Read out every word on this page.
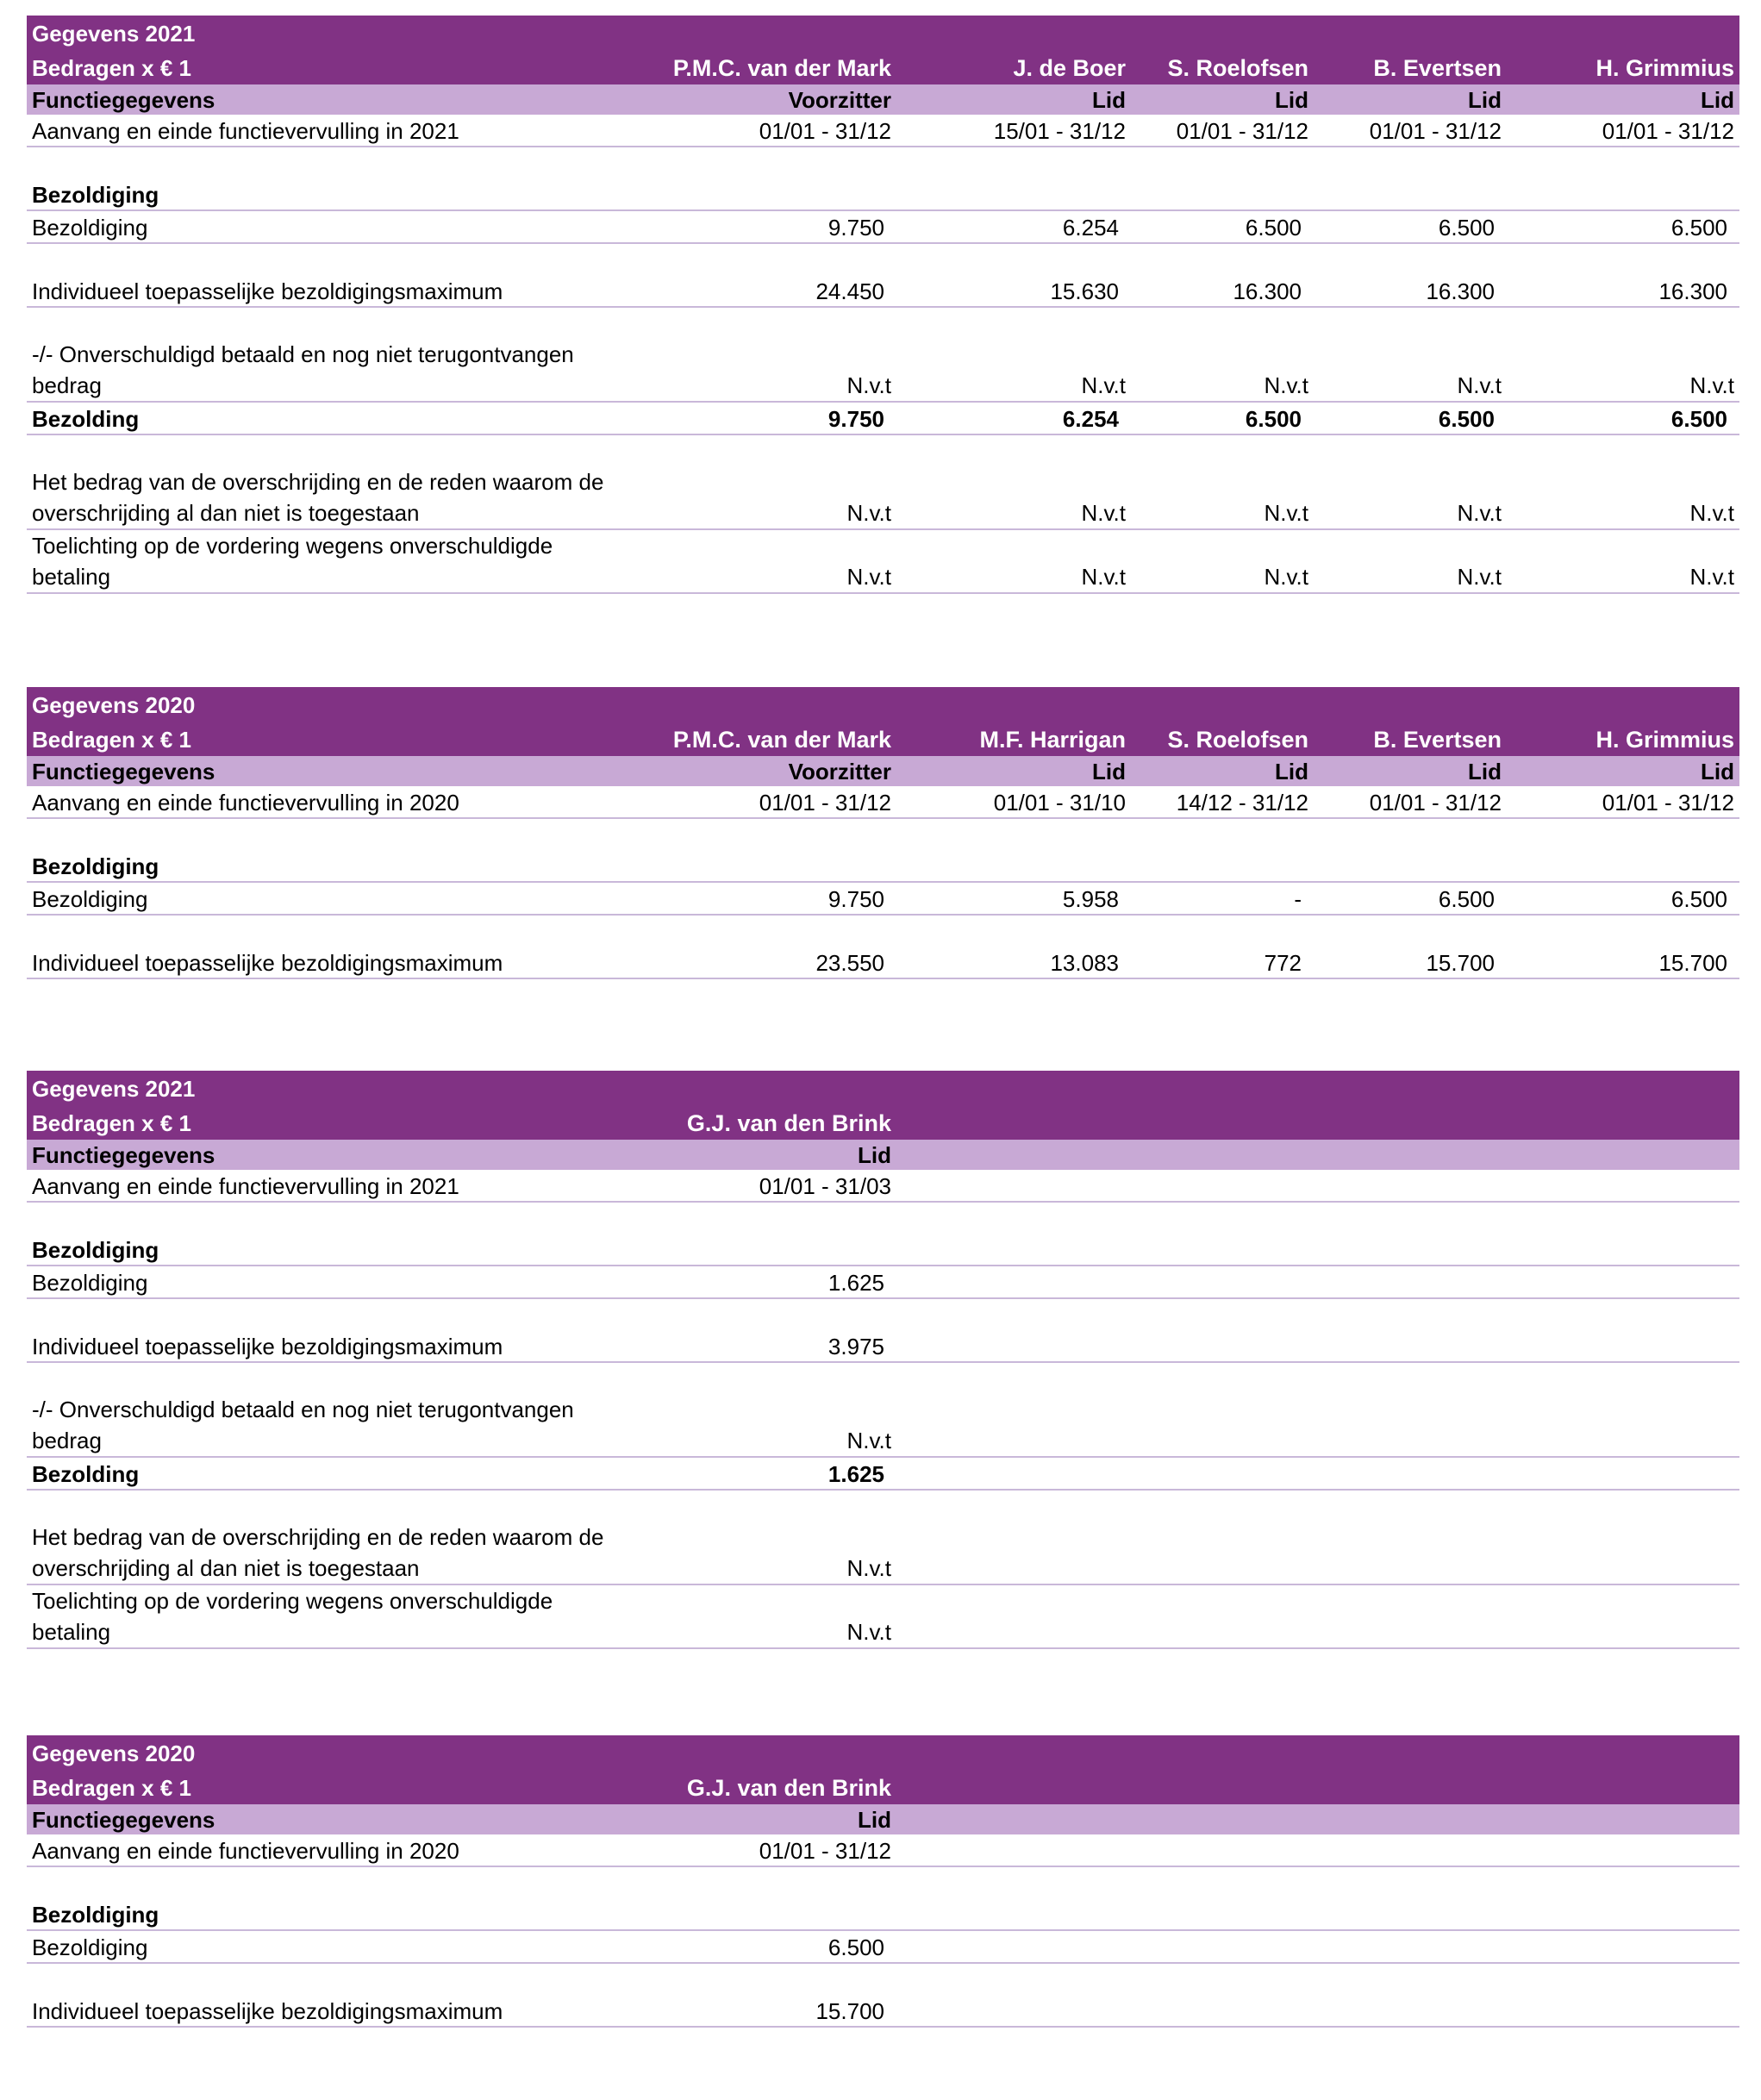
Gegevens 2021					
Bedragen x € 1	P.M.C. van der Mark	J. de Boer	S. Roelofsen	B. Evertsen	H. Grimmius
Functiegegevens	Voorzitter	Lid	Lid	Lid	Lid
Aanvang en einde functievervulling in 2021	01/01 - 31/12	15/01 - 31/12	01/01 - 31/12	01/01 - 31/12	01/01 - 31/12

Bezoldiging					
Bezoldiging	9.750	6.254	6.500	6.500	6.500

Individueel toepasselijke bezoldigingsmaximum	24.450	15.630	16.300	16.300	16.300

-/- Onverschuldigd betaald en nog niet terugontvangen bedrag	N.v.t	N.v.t	N.v.t	N.v.t	N.v.t
Bezolding	9.750	6.254	6.500	6.500	6.500

Het bedrag van de overschrijding en de reden waarom de overschrijding al dan niet is toegestaan	N.v.t	N.v.t	N.v.t	N.v.t	N.v.t
Toelichting op de vordering wegens onverschuldigde betaling	N.v.t	N.v.t	N.v.t	N.v.t	N.v.t
Gegevens 2020					
Bedragen x € 1	P.M.C. van der Mark	M.F. Harrigan	S. Roelofsen	B. Evertsen	H. Grimmius
Functiegegevens	Voorzitter	Lid	Lid	Lid	Lid
Aanvang en einde functievervulling in 2020	01/01 - 31/12	01/01 - 31/10	14/12 - 31/12	01/01 - 31/12	01/01 - 31/12

Bezoldiging					
Bezoldiging	9.750	5.958	-	6.500	6.500

Individueel toepasselijke bezoldigingsmaximum	23.550	13.083	772	15.700	15.700
Gegevens 2021					
Bedragen x € 1	G.J. van den Brink				
Functiegegevens	Lid				
Aanvang en einde functievervulling in 2021	01/01 - 31/03				

Bezoldiging					
Bezoldiging	1.625				

Individueel toepasselijke bezoldigingsmaximum	3.975				

-/- Onverschuldigd betaald en nog niet terugontvangen bedrag	N.v.t				
Bezolding	1.625				

Het bedrag van de overschrijding en de reden waarom de overschrijding al dan niet is toegestaan	N.v.t				
Toelichting op de vordering wegens onverschuldigde betaling	N.v.t				
Gegevens 2020					
Bedragen x € 1	G.J. van den Brink				
Functiegegevens	Lid				
Aanvang en einde functievervulling in 2020	01/01 - 31/12				

Bezoldiging					
Bezoldiging	6.500				

Individueel toepasselijke bezoldigingsmaximum	15.700				
